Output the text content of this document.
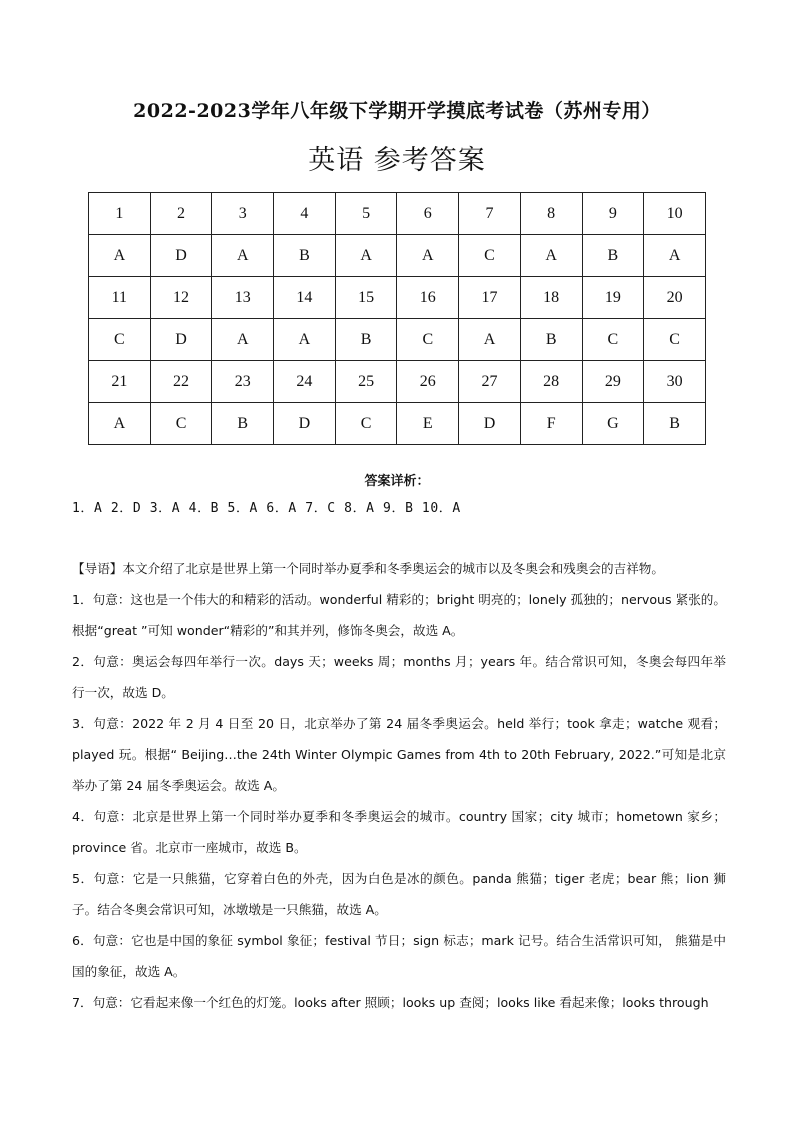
2022-2023学年八年级下学期开学摸底考试卷（苏州专用）
英语 参考答案
1	2	3	4	5	6	7	8	9	10
A	D	A	B	A	A	C	A	B	A
11	12	13	14	15	16	17	18	19	20
C	D	A	A	B	C	A	B	C	C
21	22	23	24	25	26	27	28	29	30
A	C	B	D	C	E	D	F	G	B
答案详析：
1．A 2．D 3．A 4．B 5．A 6．A 7．C 8．A 9．B 10．A

【导语】本文介绍了北京是世界上第一个同时举办夏季和冬季奥运会的城市以及冬奥会和残奥会的吉祥物。

1．句意：这也是一个伟大的和精彩的活动。wonderful 精彩的；bright 明亮的；lonely 孤独的；nervous 紧张的。根据“great ”可知 wonder“精彩的”和其并列，修饰冬奥会，故选 A。

2．句意：奥运会每四年举行一次。days 天；weeks 周；months 月；years 年。结合常识可知，冬奥会每四年举行一次，故选 D。

3．句意：2022 年 2 月 4 日至 20 日，北京举办了第 24 届冬季奥运会。held 举行；took 拿走；watche 观看；played 玩。根据“ Beijing…the 24th Winter Olympic Games from 4th to 20th February, 2022.”可知是北京举办了第 24 届冬季奥运会。故选 A。

4．句意：北京是世界上第一个同时举办夏季和冬季奥运会的城市。country 国家；city 城市；hometown 家乡；province 省。北京市一座城市，故选 B。

5．句意：它是一只熊猫，它穿着白色的外壳，因为白色是冰的颜色。panda 熊猫；tiger 老虎；bear 熊；lion 狮子。结合冬奥会常识可知，冰墩墩是一只熊猫，故选 A。

6．句意：它也是中国的象征 symbol 象征；festival 节日；sign 标志；mark 记号。结合生活常识可知， 熊猫是中国的象征，故选 A。

7．句意：它看起来像一个红色的灯笼。looks after 照顾；looks up 查阅；looks like 看起来像；looks through
